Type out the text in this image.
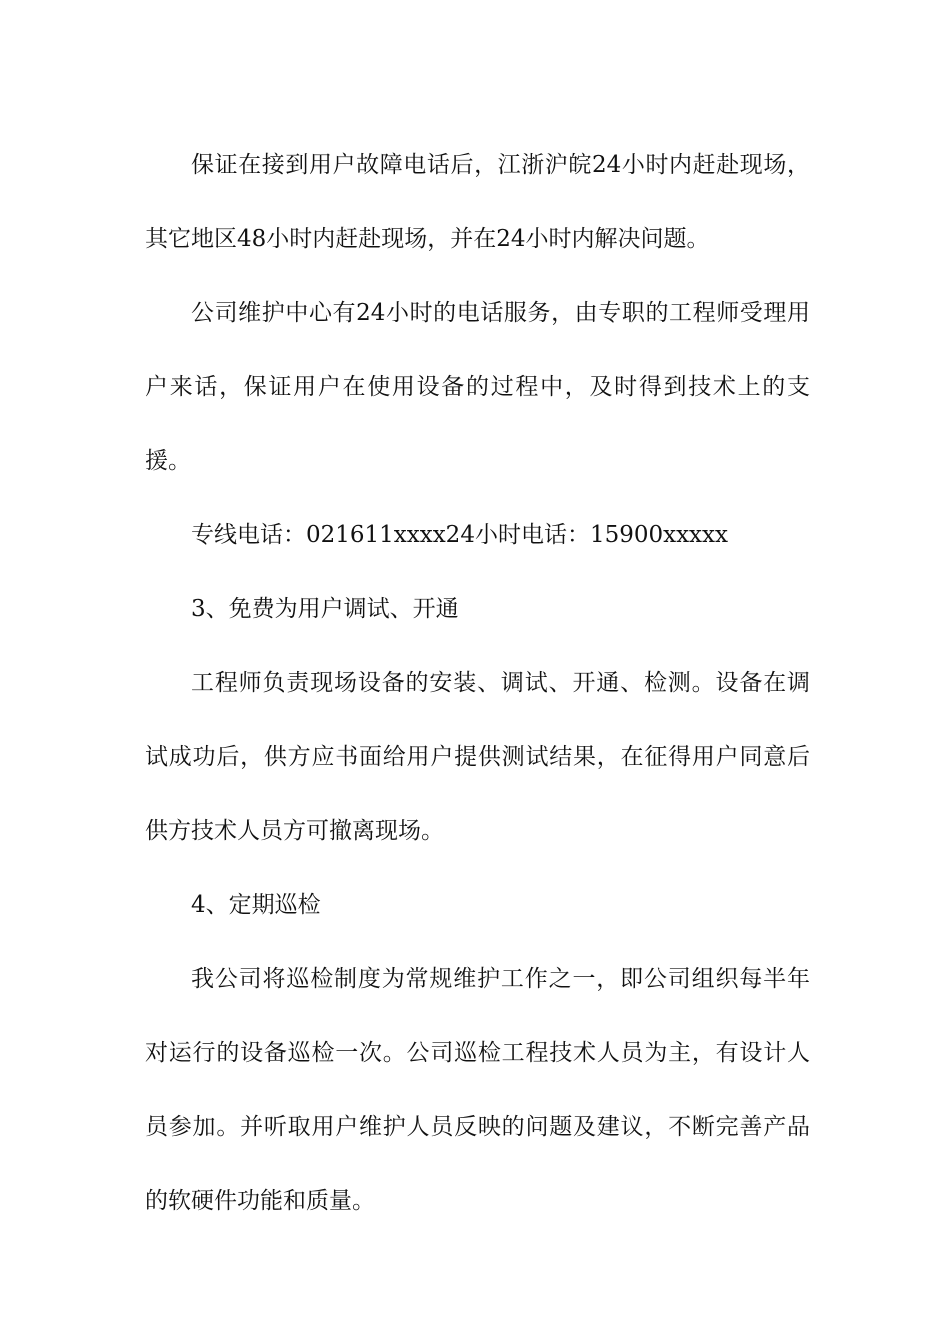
保证在接到用户故障电话后，江浙沪皖24小时内赶赴现场，其它地区48小时内赶赴现场，并在24小时内解决问题。

公司维护中心有24小时的电话服务，由专职的工程师受理用户来话，保证用户在使用设备的过程中，及时得到技术上的支援。

专线电话：021611xxxx24小时电话：15900xxxxx

3、免费为用户调试、开通

工程师负责现场设备的安装、调试、开通、检测。设备在调试成功后，供方应书面给用户提供测试结果，在征得用户同意后供方技术人员方可撤离现场。

4、定期巡检

我公司将巡检制度为常规维护工作之一，即公司组织每半年对运行的设备巡检一次。公司巡检工程技术人员为主，有设计人员参加。并听取用户维护人员反映的问题及建议，不断完善产品的软硬件功能和质量。
